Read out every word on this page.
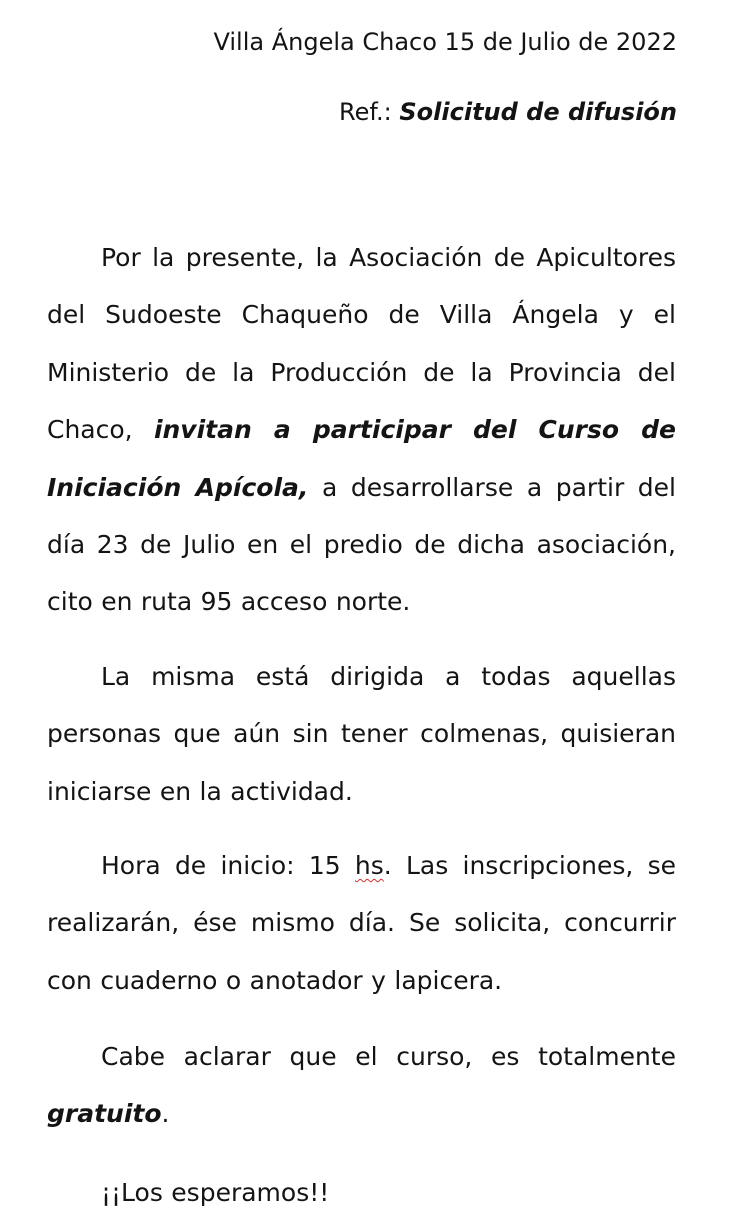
Villa Ángela Chaco 15 de Julio de 2022
Ref.: Solicitud de difusión

Por la presente, la Asociación de Apicultores del Sudoeste Chaqueño de Villa Ángela y el Ministerio de la Producción de la Provincia del Chaco, invitan a participar del Curso de Iniciación Apícola, a desarrollarse a partir del día 23 de Julio en el predio de dicha asociación, cito en ruta 95 acceso norte.

La misma está dirigida a todas aquellas personas que aún sin tener colmenas, quisieran iniciarse en la actividad.

Hora de inicio: 15 hs. Las inscripciones, se realizarán, ése mismo día. Se solicita, concurrir con cuaderno o anotador y lapicera.

Cabe aclarar que el curso, es totalmente gratuito.

¡¡Los esperamos!!
